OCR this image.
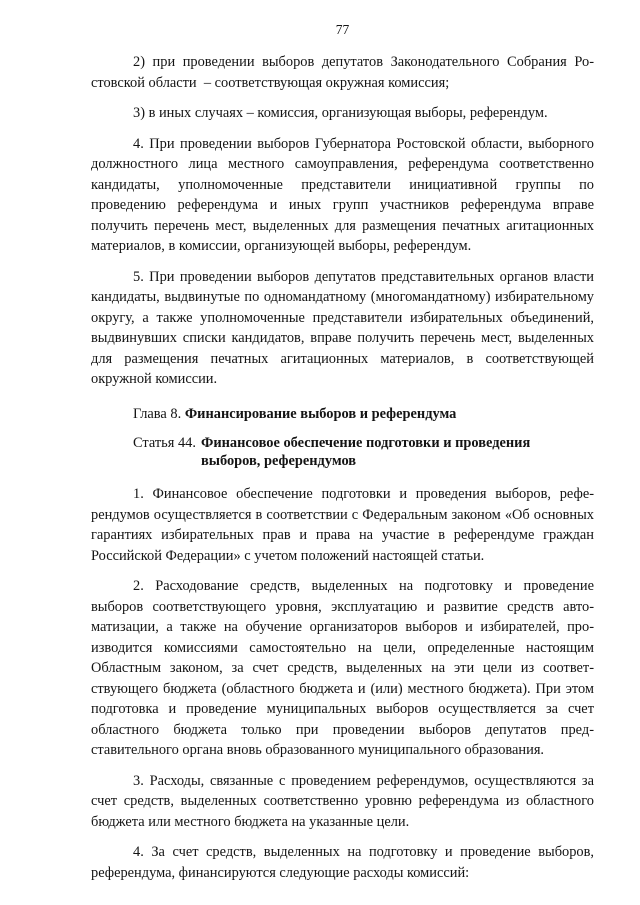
77

2) при проведении выборов депутатов Законодательного Собрания Ростовской области  – соответствующая окружная комиссия;

3) в иных случаях – комиссия, организующая выборы, референдум.

4. При проведении выборов Губернатора Ростовской области, выборного должностного лица местного самоуправления, референдума соответственно кандидаты, уполномоченные представители инициативной группы по проведению референдума и иных групп участников референдума вправе получить перечень мест, выделенных для размещения печатных агитационных материалов, в комиссии, организующей выборы, референдум.

5. При проведении выборов депутатов представительных органов власти кандидаты, выдвинутые по одномандатному (многомандатному) избирательному округу, а также уполномоченные представители избирательных объединений, выдвинувших списки кандидатов, вправе получить перечень мест, выделенных для размещения печатных агитационных материалов, в соответствующей окружной комиссии.

Глава 8. Финансирование выборов и референдума
Статья 44. Финансовое обеспечение подготовки и проведения выборов, референдумов

1. Финансовое обеспечение подготовки и проведения выборов, референдумов осуществляется в соответствии с Федеральным законом «Об основных гарантиях избирательных прав и права на участие в референдуме граждан Российской Федерации» с учетом положений настоящей статьи.

2. Расходование средств, выделенных на подготовку и проведение выборов соответствующего уровня, эксплуатацию и развитие средств автоматизации, а также на обучение организаторов выборов и избирателей, производится комиссиями самостоятельно на цели, определенные настоящим Областным законом, за счет средств, выделенных на эти цели из соответствующего бюджета (областного бюджета и (или) местного бюджета). При этом подготовка и проведение муниципальных выборов осуществляется за счет областного бюджета только при проведении выборов депутатов представительного органа вновь образованного муниципального образования.

3. Расходы, связанные с проведением референдумов, осуществляются за счет средств, выделенных соответственно уровню референдума из областного бюджета или местного бюджета на указанные цели.

4. За счет средств, выделенных на подготовку и проведение выборов, референдума, финансируются следующие расходы комиссий:
